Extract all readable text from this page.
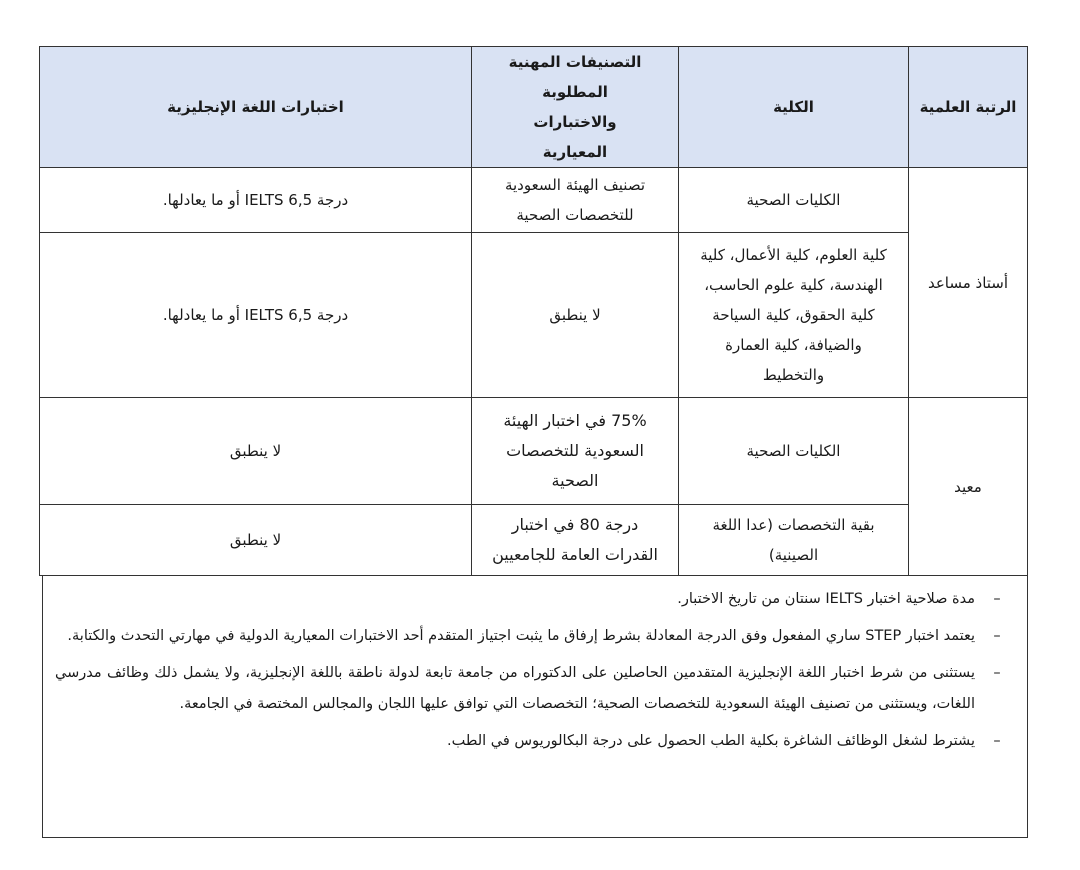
الرتبة العلمية	الكلية	التصنيفات المهنية المطلوبة والاختبارات المعيارية	اختبارات اللغة الإنجليزية
أستاذ مساعد	الكليات الصحية	تصنيف الهيئة السعودية للتخصصات الصحية	درجة IELTS 6,5 أو ما يعادلها.
	كلية العلوم، كلية الأعمال، كلية الهندسة، كلية علوم الحاسب، كلية الحقوق، كلية السياحة والضيافة، كلية العمارة والتخطيط	لا ينطبق	درجة IELTS 6,5 أو ما يعادلها.
معيد	الكليات الصحية	75% في اختبار الهيئة السعودية للتخصصات الصحية	لا ينطبق
	بقية التخصصات (عدا اللغة الصينية)	درجة 80 في اختبار القدرات العامة للجامعيين	لا ينطبق
–
مدة صلاحية اختبار IELTS سنتان من تاريخ الاختبار.
–
يعتمد اختبار STEP ساري المفعول وفق الدرجة المعادلة بشرط إرفاق ما يثبت اجتياز المتقدم أحد الاختبارات المعيارية الدولية في مهارتي التحدث والكتابة.
–
يستثنى من شرط اختبار اللغة الإنجليزية المتقدمين الحاصلين على الدكتوراه من جامعة تابعة لدولة ناطقة باللغة الإنجليزية، ولا يشمل ذلك وظائف مدرسي اللغات، ويستثنى من تصنيف الهيئة السعودية للتخصصات الصحية؛ التخصصات التي توافق عليها اللجان والمجالس المختصة في الجامعة.
–
يشترط لشغل الوظائف الشاغرة بكلية الطب الحصول على درجة البكالوريوس في الطب.
